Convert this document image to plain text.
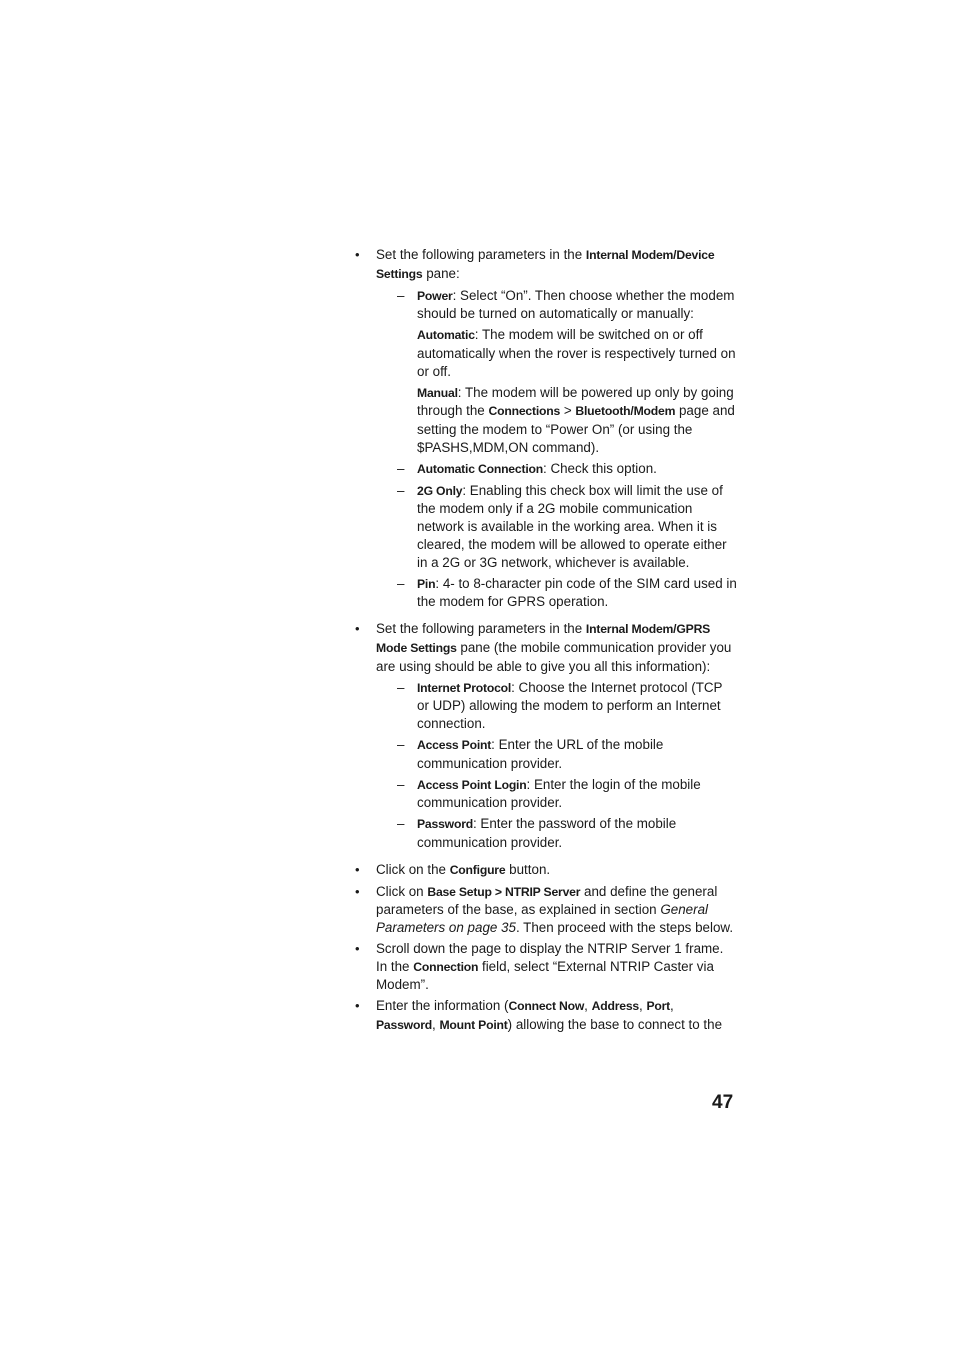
• Set the following parameters in the Internal Modem/Device Settings pane:
– Power: Select “On”. Then choose whether the modem should be turned on automatically or manually:
Automatic: The modem will be switched on or off automatically when the rover is respectively turned on or off.
Manual: The modem will be powered up only by going through the Connections > Bluetooth/Modem page and setting the modem to “Power On” (or using the $PASHS,MDM,ON command).
– Automatic Connection: Check this option.
– 2G Only: Enabling this check box will limit the use of the modem only if a 2G mobile communication network is available in the working area. When it is cleared, the modem will be allowed to operate either in a 2G or 3G network, whichever is available.
– Pin: 4- to 8-character pin code of the SIM card used in the modem for GPRS operation.
• Set the following parameters in the Internal Modem/GPRS Mode Settings pane (the mobile communication provider you are using should be able to give you all this information):
– Internet Protocol: Choose the Internet protocol (TCP or UDP) allowing the modem to perform an Internet connection.
– Access Point: Enter the URL of the mobile communication provider.
– Access Point Login: Enter the login of the mobile communication provider.
– Password: Enter the password of the mobile communication provider.
• Click on the Configure button.
• Click on Base Setup > NTRIP Server and define the general parameters of the base, as explained in section General Parameters on page 35. Then proceed with the steps below.
• Scroll down the page to display the NTRIP Server 1 frame. In the Connection field, select “External NTRIP Caster via Modem”.
• Enter the information (Connect Now, Address, Port, Password, Mount Point) allowing the base to connect to the
47
